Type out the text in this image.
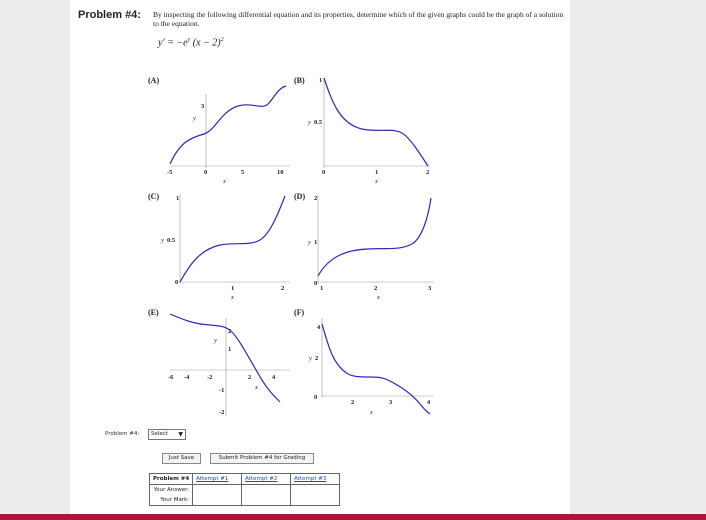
Problem #4: By inspecting the following differential equation and its properties, determine which of the given graphs could be the graph of a solution to the equation.
$y' = -e^y$ $(x - 2)^2$
(A)
-5	0	5	10
3
x
y
(B)
0	1	2
1
0.5
x
y
(C)
0
1	2
1
0.5
x
y
(D)
0
1	2	3
2
1
x
y
(E)
-6 -4	-2	2	4
2
1
-1
-2
x
y
(F)
0
2	3	4
4
2
x
y
Problem #4:	Select ▼
Just Save	Submit Problem #4 for Grading
Problem #4	Attempt #1	Attempt #2	Attempt #3
Your Answer:			
Your Mark:			
